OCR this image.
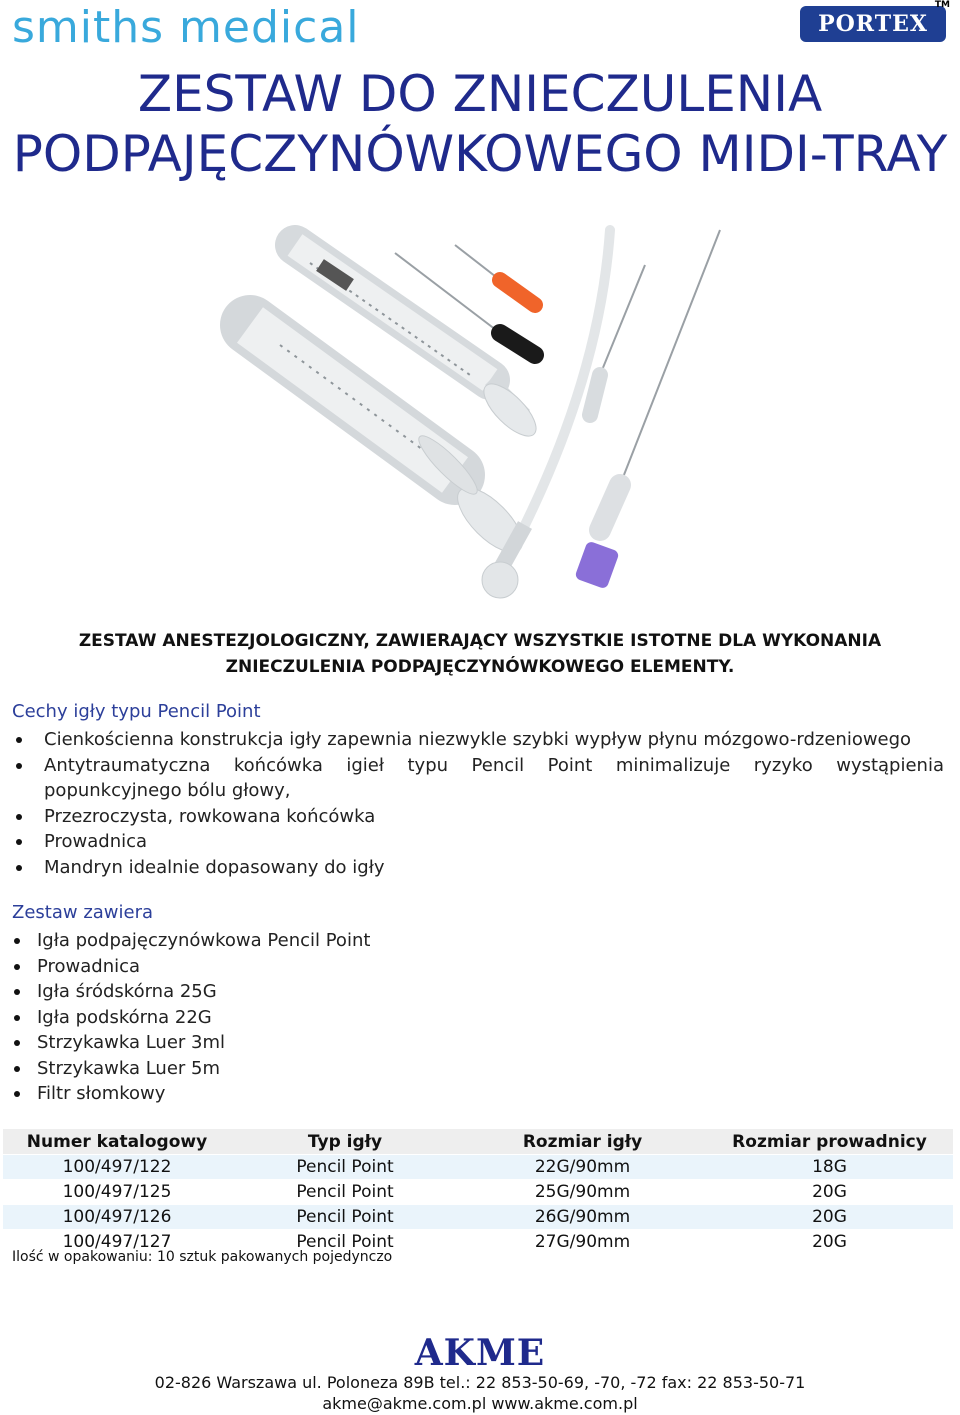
smiths medical	PORTEX
TM
ZESTAW DO ZNIECZULENIA
PODPAJĘCZYNÓWKOWEGO MIDI-TRAY
ZESTAW ANESTEZJOLOGICZNY, ZAWIERAJĄCY WSZYSTKIE ISTOTNE DLA WYKONANIA
ZNIECZULENIA PODPAJĘCZYNÓWKOWEGO ELEMENTY.
Cechy igły typu Pencil Point
Cienkościenna konstrukcja igły zapewnia niezwykle szybki wypływ płynu mózgowo-rdzeniowego
Antytraumatyczna końcówka igieł typu Pencil Point minimalizuje ryzyko wystąpienia
popunkcyjnego bólu głowy,
Przezroczysta, rowkowana końcówka
Prowadnica
Mandryn idealnie dopasowany do igły
Zestaw zawiera
Igła podpajęczynówkowa Pencil Point
Prowadnica
Igła śródskórna 25G
Igła podskórna 22G
Strzykawka Luer 3ml
Strzykawka Luer 5m
Filtr słomkowy
Numer katalogowy	Typ igły	Rozmiar igły	Rozmiar prowadnicy
100/497/122	Pencil Point	22G/90mm	18G
100/497/125	Pencil Point	25G/90mm	20G
100/497/126	Pencil Point	26G/90mm	20G
100/497/127	Pencil Point	27G/90mm	20G
Ilość w opakowaniu: 10 sztuk pakowanych pojedynczo
AKME
02-826 Warszawa ul. Poloneza 89B tel.: 22 853-50-69, -70, -72 fax: 22 853-50-71
akme@akme.com.pl www.akme.com.pl
